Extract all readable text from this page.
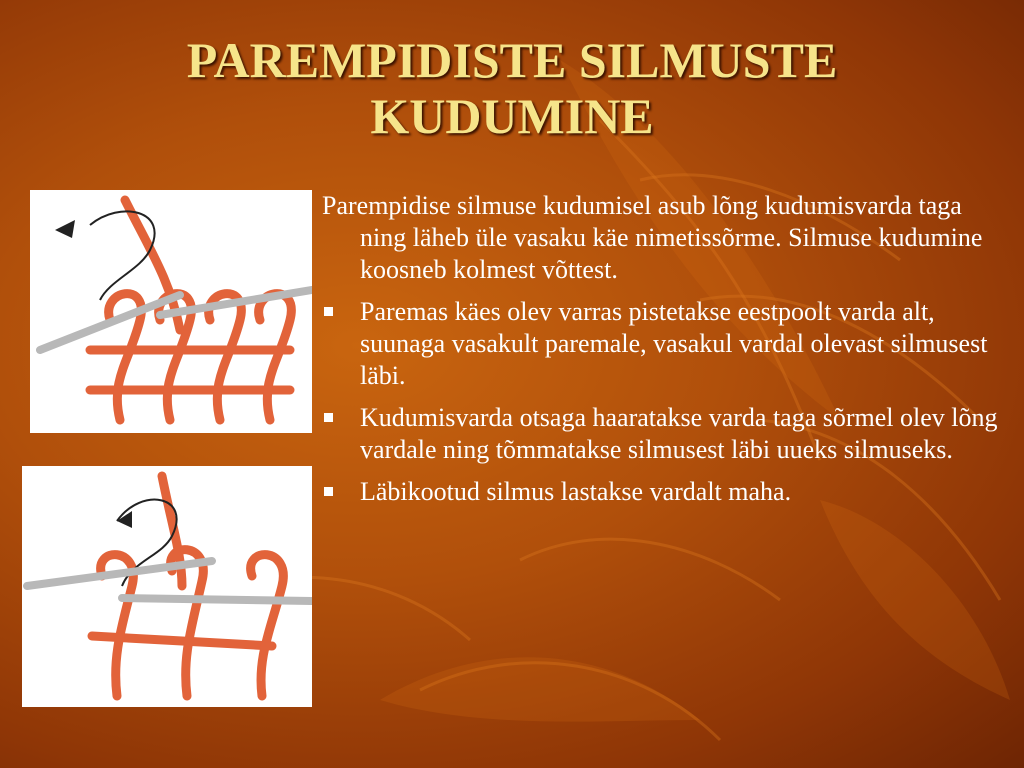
PAREMPIDISTE SILMUSTE
KUDUMINE

Parempidise silmuse kudumisel asub lõng kudumisvarda taga ning läheb üle vasaku käe nimetissõrme. Silmuse kudumine koosneb kolmest võttest.

Paremas käes olev varras pistetakse eestpoolt varda alt, suunaga vasakult paremale, vasakul vardal olevast silmusest läbi.
Kudumisvarda otsaga haaratakse varda taga sõrmel olev lõng vardale ning tõmmatakse silmusest läbi uueks silmuseks.
Läbikootud silmus lastakse vardalt maha.
